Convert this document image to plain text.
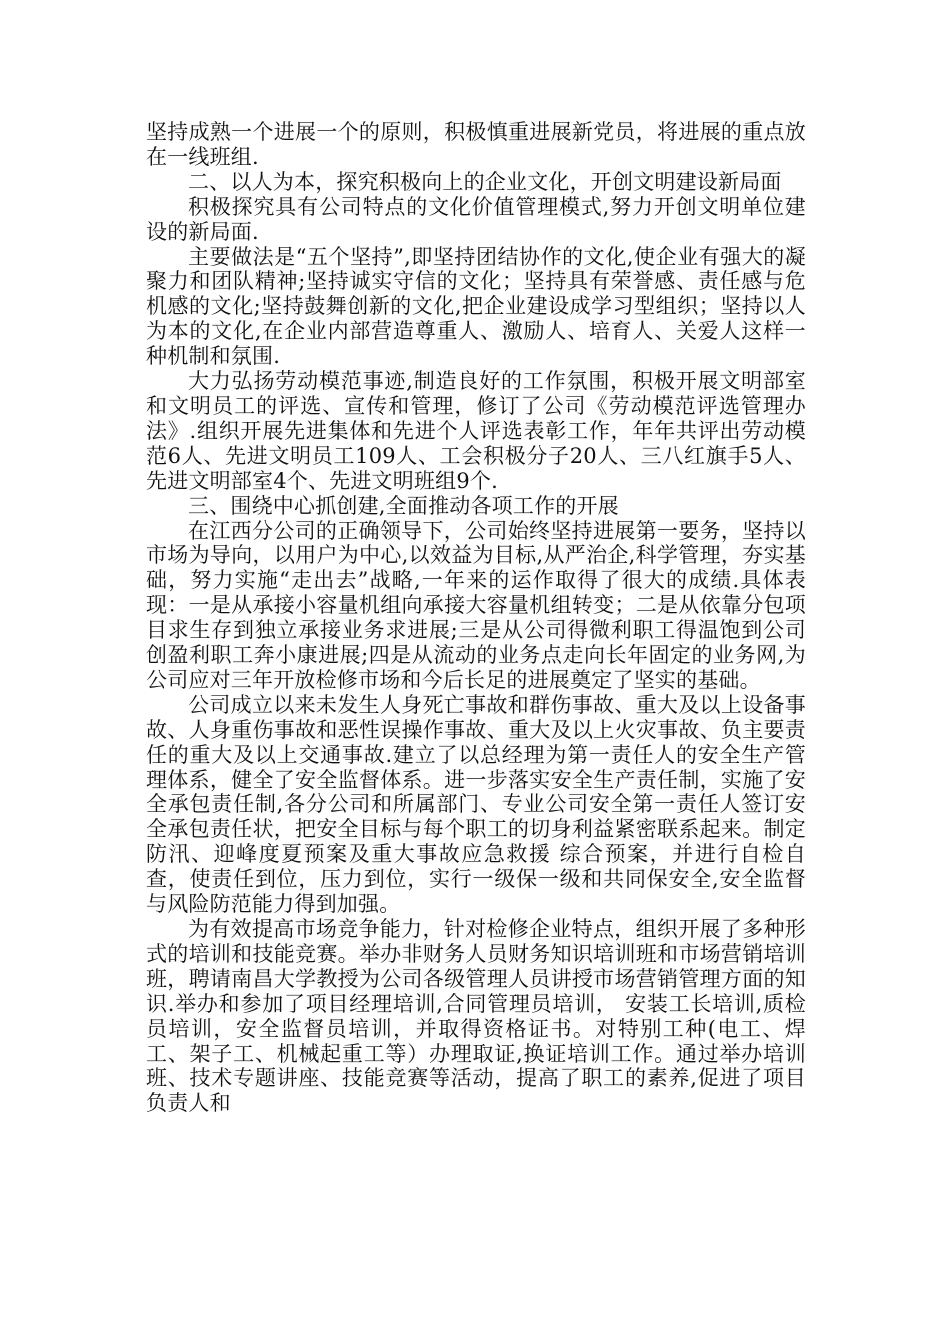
坚持成熟一个进展一个的原则，积极慎重进展新党员，将进展的重点放在一线班组.

二、以人为本，探究积极向上的企业文化，开创文明建设新局面

积极探究具有公司特点的文化价值管理模式,努力开创文明单位建设的新局面.

主要做法是“五个坚持”,即坚持团结协作的文化,使企业有强大的凝聚力和团队精神;坚持诚实守信的文化；坚持具有荣誉感、责任感与危机感的文化;坚持鼓舞创新的文化,把企业建设成学习型组织；坚持以人为本的文化,在企业内部营造尊重人、激励人、培育人、关爱人这样一种机制和氛围.

大力弘扬劳动模范事迹,制造良好的工作氛围，积极开展文明部室和文明员工的评选、宣传和管理，修订了公司《劳动模范评选管理办法》.组织开展先进集体和先进个人评选表彰工作，年年共评出劳动模范6人、先进文明员工109人、工会积极分子20人、三八红旗手5人、先进文明部室4个、先进文明班组9个.

三、围绕中心抓创建,全面推动各项工作的开展

在江西分公司的正确领导下，公司始终坚持进展第一要务，坚持以市场为导向，以用户为中心,以效益为目标,从严治企,科学管理，夯实基础，努力实施“走出去”战略,一年来的运作取得了很大的成绩.具体表现：一是从承接小容量机组向承接大容量机组转变；二是从依靠分包项目求生存到独立承接业务求进展;三是从公司得微利职工得温饱到公司创盈利职工奔小康进展;四是从流动的业务点走向长年固定的业务网,为公司应对三年开放检修市场和今后长足的进展奠定了坚实的基础。

公司成立以来未发生人身死亡事故和群伤事故、重大及以上设备事故、人身重伤事故和恶性误操作事故、重大及以上火灾事故、负主要责任的重大及以上交通事故.建立了以总经理为第一责任人的安全生产管理体系，健全了安全监督体系。进一步落实安全生产责任制，实施了安全承包责任制,各分公司和所属部门、专业公司安全第一责任人签订安全承包责任状，把安全目标与每个职工的切身利益紧密联系起来。制定防汛、迎峰度夏预案及重大事故应急救援 综合预案，并进行自检自查，使责任到位，压力到位，实行一级保一级和共同保安全,安全监督与风险防范能力得到加强。

为有效提高市场竞争能力，针对检修企业特点，组织开展了多种形式的培训和技能竞赛。举办非财务人员财务知识培训班和市场营销培训班，聘请南昌大学教授为公司各级管理人员讲授市场营销管理方面的知识.举办和参加了项目经理培训,合同管理员培训， 安装工长培训,质检员培训，安全监督员培训，并取得资格证书。对特别工种(电工、焊工、架子工、机械起重工等）办理取证,换证培训工作。通过举办培训班、技术专题讲座、技能竞赛等活动，提高了职工的素养,促进了项目负责人和
